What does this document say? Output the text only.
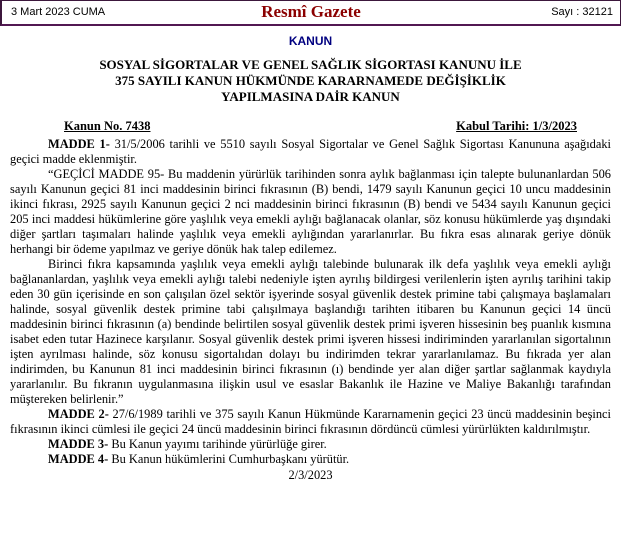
3 Mart 2023 CUMA	Resmî Gazete	Sayı : 32121
KANUN
SOSYAL SİGORTALAR VE GENEL SAĞLIK SİGORTASI KANUNU İLE
375 SAYILI KANUN HÜKMÜNDE KARARNAMEDE DEĞİŞİKLİK
YAPILMASINA DAİR KANUN
Kanun No. 7438	Kabul Tarihi: 1/3/2023

MADDE 1- 31/5/2006 tarihli ve 5510 sayılı Sosyal Sigortalar ve Genel Sağlık Sigortası Kanununa aşağıdaki geçici madde eklenmiştir.

“GEÇİCİ MADDE 95- Bu maddenin yürürlük tarihinden sonra aylık bağlanması için talepte bulunanlardan 506 sayılı Kanunun geçici 81 inci maddesinin birinci fıkrasının (B) bendi, 1479 sayılı Kanunun geçici 10 uncu maddesinin ikinci fıkrası, 2925 sayılı Kanunun geçici 2 nci maddesinin birinci fıkrasının (B) bendi ve 5434 sayılı Kanunun geçici 205 inci maddesi hükümlerine göre yaşlılık veya emekli aylığı bağlanacak olanlar, söz konusu hükümlerde yaş dışındaki diğer şartları taşımaları halinde yaşlılık veya emekli aylığından yararlanırlar. Bu fıkra esas alınarak geriye dönük herhangi bir ödeme yapılmaz ve geriye dönük hak talep edilemez.

Birinci fıkra kapsamında yaşlılık veya emekli aylığı talebinde bulunarak ilk defa yaşlılık veya emekli aylığı bağlananlardan, yaşlılık veya emekli aylığı talebi nedeniyle işten ayrılış bildirgesi verilenlerin işten ayrılış tarihini takip eden 30 gün içerisinde en son çalışılan özel sektör işyerinde sosyal güvenlik destek primine tabi çalışmaya başlamaları halinde, sosyal güvenlik destek primine tabi çalışılmaya başlandığı tarihten itibaren bu Kanunun geçici 14 üncü maddesinin birinci fıkrasının (a) bendinde belirtilen sosyal güvenlik destek primi işveren hissesinin beş puanlık kısmına isabet eden tutar Hazinece karşılanır. Sosyal güvenlik destek primi işveren hissesi indiriminden yararlanılan sigortalının işten ayrılması halinde, söz konusu sigortalıdan dolayı bu indirimden tekrar yararlanılamaz. Bu fıkrada yer alan indirimden, bu Kanunun 81 inci maddesinin birinci fıkrasının (ı) bendinde yer alan diğer şartlar sağlanmak kaydıyla yararlanılır. Bu fıkranın uygulanmasına ilişkin usul ve esaslar Bakanlık ile Hazine ve Maliye Bakanlığı tarafından müştereken belirlenir.”

MADDE 2- 27/6/1989 tarihli ve 375 sayılı Kanun Hükmünde Kararnamenin geçici 23 üncü maddesinin beşinci fıkrasının ikinci cümlesi ile geçici 24 üncü maddesinin birinci fıkrasının dördüncü cümlesi yürürlükten kaldırılmıştır.

MADDE 3- Bu Kanun yayımı tarihinde yürürlüğe girer.

MADDE 4- Bu Kanun hükümlerini Cumhurbaşkanı yürütür.

2/3/2023
